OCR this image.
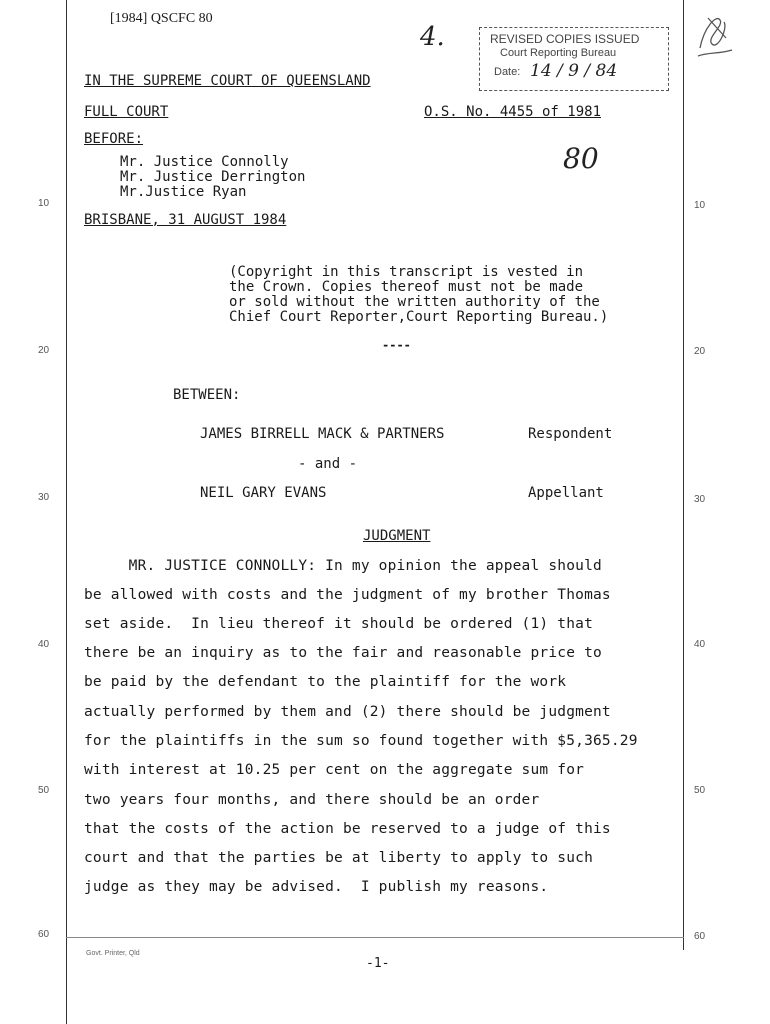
10
20
30
40
50
60
10
20
30
40
50
60
[1984] QSCFC 80
4.	REVISED COPIES ISSUED
Court Reporting Bureau
Date: 14 / 9 / 84
IN THE SUPREME COURT OF QUEENSLAND
FULL COURT	O.S. No. 4455 of 1981
BEFORE:
Mr. Justice Connolly
Mr. Justice Derrington
Mr.Justice Ryan
80
BRISBANE, 31 AUGUST 1984
(Copyright in this transcript is vested in
the Crown. Copies thereof must not be made
or sold without the written authority of the
Chief Court Reporter,Court Reporting Bureau.)
----
BETWEEN:
JAMES BIRRELL MACK & PARTNERS	Respondent
- and -
NEIL GARY EVANS	Appellant
JUDGMENT
MR. JUSTICE CONNOLLY: In my opinion the appeal should
be allowed with costs and the judgment of my brother Thomas
set aside.  In lieu thereof it should be ordered (1) that
there be an inquiry as to the fair and reasonable price to
be paid by the defendant to the plaintiff for the work
actually performed by them and (2) there should be judgment
for the plaintiffs in the sum so found together with $5,365.29
with interest at 10.25 per cent on the aggregate sum for
two years four months, and there should be an order
that the costs of the action be reserved to a judge of this
court and that the parties be at liberty to apply to such
judge as they may be advised.  I publish my reasons.
Govt. Printer, Qld
-1-
